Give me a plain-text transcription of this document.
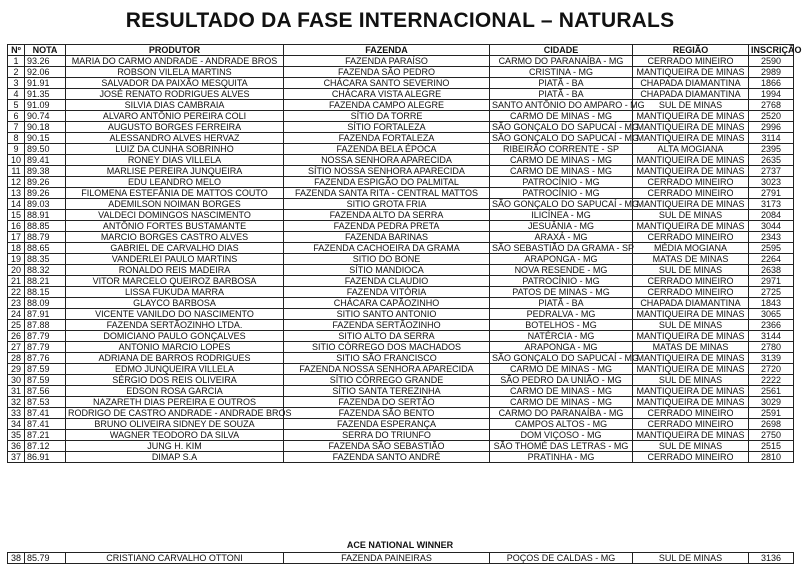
RESULTADO DA FASE INTERNACIONAL – NATURALS
Nº	NOTA	PRODUTOR	FAZENDA	CIDADE	REGIÃO	INSCRIÇÃO
1	93.26	MARIA DO CARMO ANDRADE - ANDRADE BROS	FAZENDA PARAÍSO	CARMO DO PARANAÍBA - MG	CERRADO MINEIRO	2590
2	92.06	ROBSON VILELA MARTINS	FAZENDA SÃO PEDRO	CRISTINA - MG	MANTIQUEIRA DE MINAS	2989
3	91.91	SALVADOR DA PAIXÃO MESQUITA	CHÁCARA SANTO SEVERINO	PIATÃ - BA	CHAPADA DIAMANTINA	1866
4	91.35	JOSÉ RENATO RODRIGUES ALVES	CHÁCARA VISTA ALEGRE	PIATÃ - BA	CHAPADA DIAMANTINA	1994
5	91.09	SILVIA DIAS CAMBRAIA	FAZENDA CAMPO ALEGRE	SANTO ANTÔNIO DO AMPARO - MG	SUL DE MINAS	2768
6	90.74	ALVARO ANTÔNIO PEREIRA COLI	SÍTIO DA TORRE	CARMO DE MINAS - MG	MANTIQUEIRA DE MINAS	2520
7	90.18	AUGUSTO BORGES FERREIRA	SÍTIO FORTALEZA	SÃO GONÇALO DO SAPUCAÍ - MG	MANTIQUEIRA DE MINAS	2996
8	90.15	ALESSANDRO ALVES HERVAZ	FAZENDA FORTALEZA	SÃO GONÇALO DO SAPUCAÍ - MG	MANTIQUEIRA DE MINAS	3114
9	89.50	LUIZ DA CUNHA SOBRINHO	FAZENDA BELA ÉPOCA	RIBEIRÃO CORRENTE - SP	ALTA MOGIANA	2395
10	89.41	RONEY DIAS VILLELA	NOSSA SENHORA APARECIDA	CARMO DE MINAS - MG	MANTIQUEIRA DE MINAS	2635
11	89.38	MARLISE PEREIRA JUNQUEIRA	SÍTIO NOSSA SENHORA APARECIDA	CARMO DE MINAS - MG	MANTIQUEIRA DE MINAS	2737
12	89.26	EDU LEANDRO MELO	FAZENDA ESPIGÃO DO PALMITAL	PATROCÍNIO - MG	CERRADO MINEIRO	3023
13	89.26	FILOMENA ESTEFÂNIA DE MATTOS COUTO	FAZENDA SANTA RITA - CENTRAL MATTOS	PATROCÍNIO - MG	CERRADO MINEIRO	2791
14	89.03	ADEMILSON NOIMAN BORGES	SITIO GROTA FRIA	SÃO GONÇALO DO SAPUCAÍ - MG	MANTIQUEIRA DE MINAS	3173
15	88.91	VALDECI DOMINGOS NASCIMENTO	FAZENDA ALTO DA SERRA	ILICÍNEA - MG	SUL DE MINAS	2084
16	88.85	ANTÔNIO FORTES BUSTAMANTE	FAZENDA PEDRA PRETA	JESUÂNIA - MG	MANTIQUEIRA DE MINAS	3044
17	88.79	MARCIO BORGES CASTRO ALVES	FAZENDA BARINAS	ARAXÁ - MG	CERRADO MINEIRO	2343
18	88.65	GABRIEL DE CARVALHO DIAS	FAZENDA CACHOEIRA DA GRAMA	SÃO SEBASTIÃO DA GRAMA - SP	MÉDIA MOGIANA	2595
19	88.35	VANDERLEI PAULO MARTINS	SITIO DO BONE	ARAPONGA - MG	MATAS DE MINAS	2264
20	88.32	RONALDO REIS MADEIRA	SÍTIO MANDIOCA	NOVA RESENDE - MG	SUL DE MINAS	2638
21	88.21	VITOR MARCELO QUEIROZ BARBOSA	FAZENDA CLAUDIO	PATROCÍNIO - MG	CERRADO MINEIRO	2971
22	88.15	LISSA FUKUDA MARRA	FAZENDA VITÓRIA	PATOS DE MINAS - MG	CERRADO MINEIRO	2725
23	88.09	GLAYCO BARBOSA	CHÁCARA CAPÃOZINHO	PIATÃ - BA	CHAPADA DIAMANTINA	1843
24	87.91	VICENTE VANILDO DO NASCIMENTO	SITIO SANTO ANTONIO	PEDRALVA - MG	MANTIQUEIRA DE MINAS	3065
25	87.88	FAZENDA SERTÃOZINHO LTDA.	FAZENDA SERTÃOZINHO	BOTELHOS - MG	SUL DE MINAS	2366
26	87.79	DOMICIANO PAULO GONÇALVES	SITIO ALTO DA SERRA	NATÉRCIA - MG	MANTIQUEIRA DE MINAS	3144
27	87.79	ANTONIO MARCIO LOPES	SITIO CÓRREGO DOS MACHADOS	ARAPONGA - MG	MATAS DE MINAS	2780
28	87.76	ADRIANA DE BARROS RODRIGUES	SITIO SÃO FRANCISCO	SÃO GONÇALO DO SAPUCAÍ - MG	MANTIQUEIRA DE MINAS	3139
29	87.59	EDMO JUNQUEIRA VILLELA	FAZENDA NOSSA SENHORA APARECIDA	CARMO DE MINAS - MG	MANTIQUEIRA DE MINAS	2720
30	87.59	SÉRGIO DOS REIS OLIVEIRA	SÍTIO CÓRREGO GRANDE	SÃO PEDRO DA UNIÃO - MG	SUL DE MINAS	2222
31	87.56	EDSON ROSA GARCIA	SÍTIO SANTA TEREZINHA	CARMO DE MINAS - MG	MANTIQUEIRA DE MINAS	2561
32	87.53	NAZARETH DIAS PEREIRA E OUTROS	FAZENDA DO SERTÃO	CARMO DE MINAS - MG	MANTIQUEIRA DE MINAS	3029
33	87.41	RODRIGO DE CASTRO ANDRADE - ANDRADE BROS	FAZENDA SÃO BENTO	CARMO DO PARANAÍBA - MG	CERRADO MINEIRO	2591
34	87.41	BRUNO OLIVEIRA SIDNEY DE SOUZA	FAZENDA ESPERANÇA	CAMPOS ALTOS - MG	CERRADO MINEIRO	2698
35	87.21	WAGNER TEODORO DA SILVA	SERRA DO TRIUNFO	DOM VIÇOSO - MG	MANTIQUEIRA DE MINAS	2750
36	87.12	JUNG H. KIM	FAZENDA SÃO SEBASTIÃO	SÃO THOMÉ DAS LETRAS - MG	SUL DE MINAS	2515
37	86.91	DIMAP S.A	FAZENDA SANTO ANDRÉ	PRATINHA - MG	CERRADO MINEIRO	2810
ACE NATIONAL WINNER
38	85.79	CRISTIANO CARVALHO OTTONI	FAZENDA PAINEIRAS	POÇOS DE CALDAS - MG	SUL DE MINAS	3136
